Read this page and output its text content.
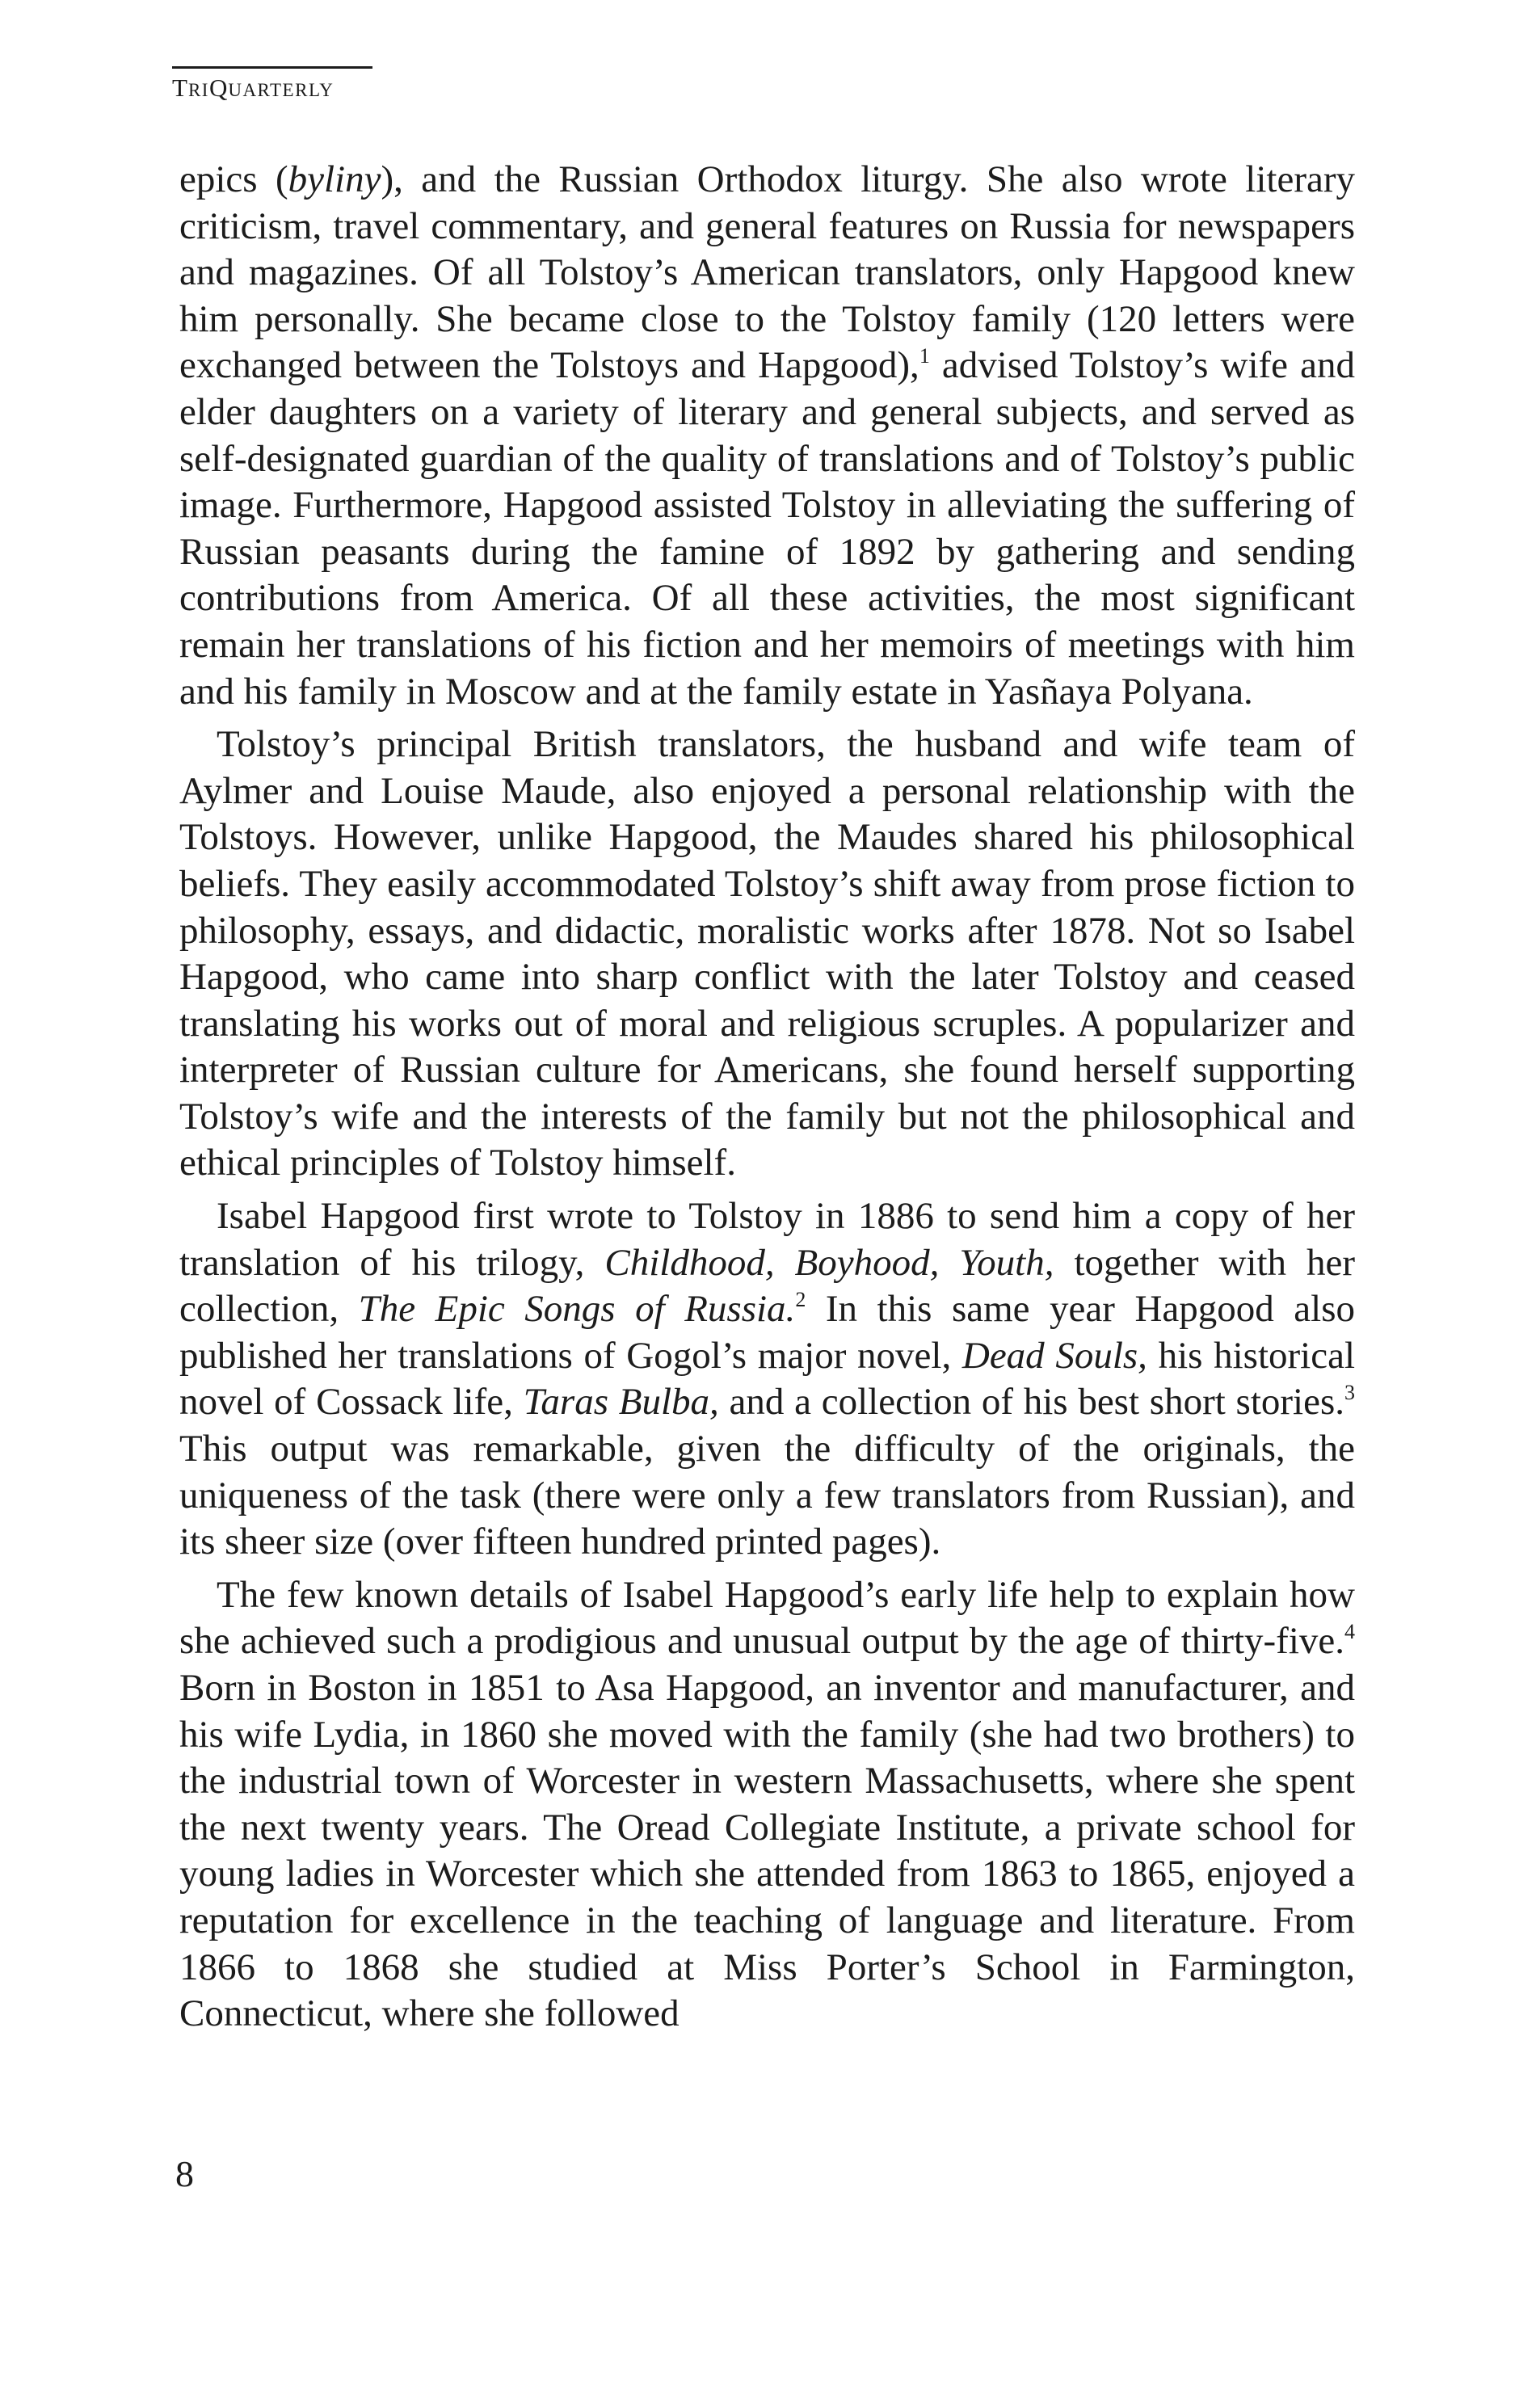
TRIQUARTERLY

epics (byliny), and the Russian Orthodox liturgy. She also wrote literary criticism, travel commentary, and general features on Russia for newspapers and magazines. Of all Tolstoy’s American translators, only Hapgood knew him personally. She became close to the Tolstoy family (120 letters were exchanged between the Tolstoys and Hapgood),$^1$ advised Tolstoy’s wife and elder daughters on a variety of literary and general subjects, and served as self-designated guardian of the quality of translations and of Tolstoy’s public image. Furthermore, Hapgood assisted Tolstoy in alleviating the suffering of Russian peasants during the famine of 1892 by gathering and sending contributions from America. Of all these activities, the most significant remain her translations of his fiction and her memoirs of meetings with him and his family in Moscow and at the family estate in Yasñaya Polyana.

Tolstoy’s principal British translators, the husband and wife team of Aylmer and Louise Maude, also enjoyed a personal relationship with the Tolstoys. However, unlike Hapgood, the Maudes shared his philosophical beliefs. They easily accommodated Tolstoy’s shift away from prose fiction to philosophy, essays, and didactic, moralistic works after 1878. Not so Isabel Hapgood, who came into sharp conflict with the later Tolstoy and ceased translating his works out of moral and religious scruples. A popularizer and interpreter of Russian culture for Americans, she found herself supporting Tolstoy’s wife and the interests of the family but not the philosophical and ethical principles of Tolstoy himself.

Isabel Hapgood first wrote to Tolstoy in 1886 to send him a copy of her translation of his trilogy, Childhood, Boyhood, Youth, together with her collection, The Epic Songs of Russia.$^2$ In this same year Hapgood also published her translations of Gogol’s major novel, Dead Souls, his historical novel of Cossack life, Taras Bulba, and a collection of his best short stories.$^3$ This output was remarkable, given the difficulty of the originals, the uniqueness of the task (there were only a few translators from Russian), and its sheer size (over fifteen hundred printed pages).

The few known details of Isabel Hapgood’s early life help to explain how she achieved such a prodigious and unusual output by the age of thirty-five.$^4$ Born in Boston in 1851 to Asa Hapgood, an inventor and manufacturer, and his wife Lydia, in 1860 she moved with the family (she had two brothers) to the industrial town of Worcester in western Massachusetts, where she spent the next twenty years. The Oread Collegiate Institute, a private school for young ladies in Worcester which she attended from 1863 to 1865, enjoyed a reputation for excellence in the teaching of language and literature. From 1866 to 1868 she studied at Miss Porter’s School in Farmington, Connecticut, where she followed

8
